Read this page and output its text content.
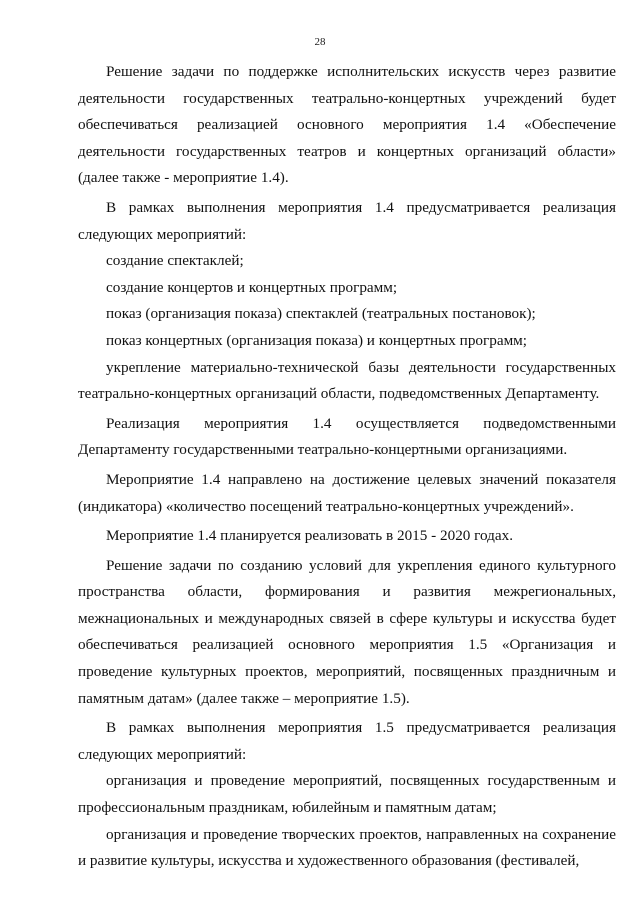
28

Решение задачи по поддержке исполнительских искусств через развитие деятельности государственных театрально-концертных учреждений будет обеспечиваться реализацией основного мероприятия 1.4 «Обеспечение деятельности государственных театров и концертных организаций области» (далее также - мероприятие 1.4).

В рамках выполнения мероприятия 1.4 предусматривается реализация следующих мероприятий:

создание спектаклей;

создание концертов и концертных программ;

показ (организация показа) спектаклей (театральных постановок);

показ концертных (организация показа) и концертных программ;

укрепление материально-технической базы деятельности государственных театрально-концертных организаций области, подведомственных Департаменту.

Реализация мероприятия 1.4 осуществляется подведомственными Департаменту государственными театрально-концертными организациями.

Мероприятие 1.4 направлено на достижение целевых значений показателя (индикатора) «количество посещений театрально-концертных учреждений».

Мероприятие 1.4 планируется реализовать в 2015 - 2020 годах.

Решение задачи по созданию условий для укрепления единого культурного пространства области, формирования и развития межрегиональных, межнациональных и международных связей в сфере культуры и искусства будет обеспечиваться реализацией основного мероприятия 1.5 «Организация и проведение культурных проектов, мероприятий, посвященных праздничным и памятным датам» (далее также – мероприятие 1.5).

В рамках выполнения мероприятия 1.5 предусматривается реализация следующих мероприятий:

организация и проведение мероприятий, посвященных государственным и профессиональным праздникам, юбилейным и памятным датам;

организация и проведение творческих проектов, направленных на сохранение и развитие культуры, искусства и художественного образования (фестивалей,
